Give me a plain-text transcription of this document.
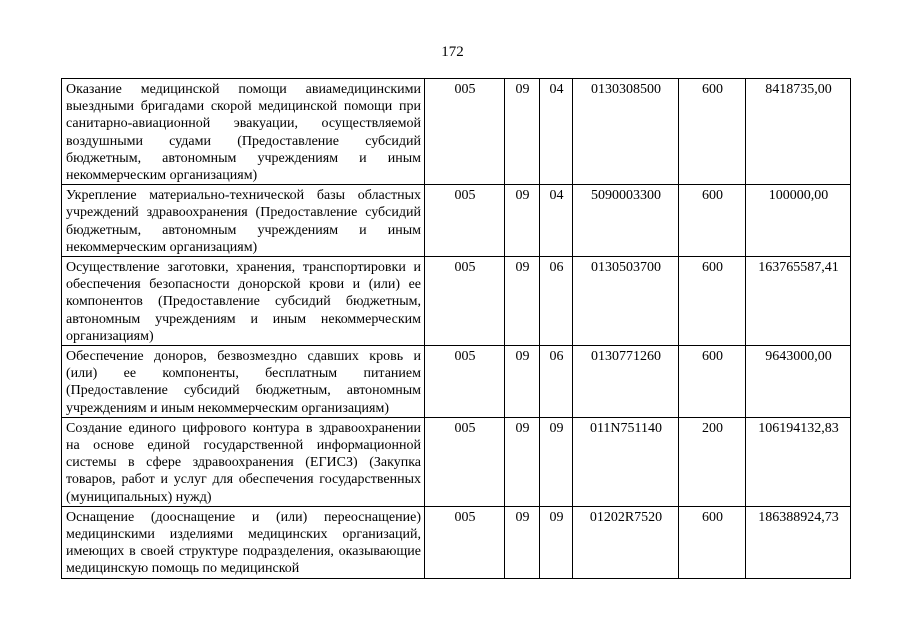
172
Оказание медицинской помощи авиамедицинскими выездными бригадами скорой медицинской помощи при санитарно-авиационной эвакуации, осуществляемой воздушными судами (Предоставление субсидий бюджетным, автономным учреждениям и иным некоммерческим организациям)	005	09	04	0130308500	600	8418735,00
Укрепление материально-технической базы областных учреждений здравоохранения (Предоставление субсидий бюджетным, автономным учреждениям и иным некоммерческим организациям)	005	09	04	5090003300	600	100000,00
Осуществление заготовки, хранения, транспортировки и обеспечения безопасности донорской крови и (или) ее компонентов (Предоставление субсидий бюджетным, автономным учреждениям и иным некоммерческим организациям)	005	09	06	0130503700	600	163765587,41
Обеспечение доноров, безвозмездно сдавших кровь и (или) ее компоненты, бесплатным питанием (Предоставление субсидий бюджетным, автономным учреждениям и иным некоммерческим организациям)	005	09	06	0130771260	600	9643000,00
Создание единого цифрового контура в здравоохранении на основе единой государственной информационной системы в сфере здравоохранения (ЕГИСЗ) (Закупка товаров, работ и услуг для обеспечения государственных (муниципальных) нужд)	005	09	09	011N751140	200	106194132,83
Оснащение (дооснащение и (или) переоснащение) медицинскими изделиями медицинских организаций, имеющих в своей структуре подразделения, оказывающие медицинскую помощь по медицинской	005	09	09	01202R7520	600	186388924,73
